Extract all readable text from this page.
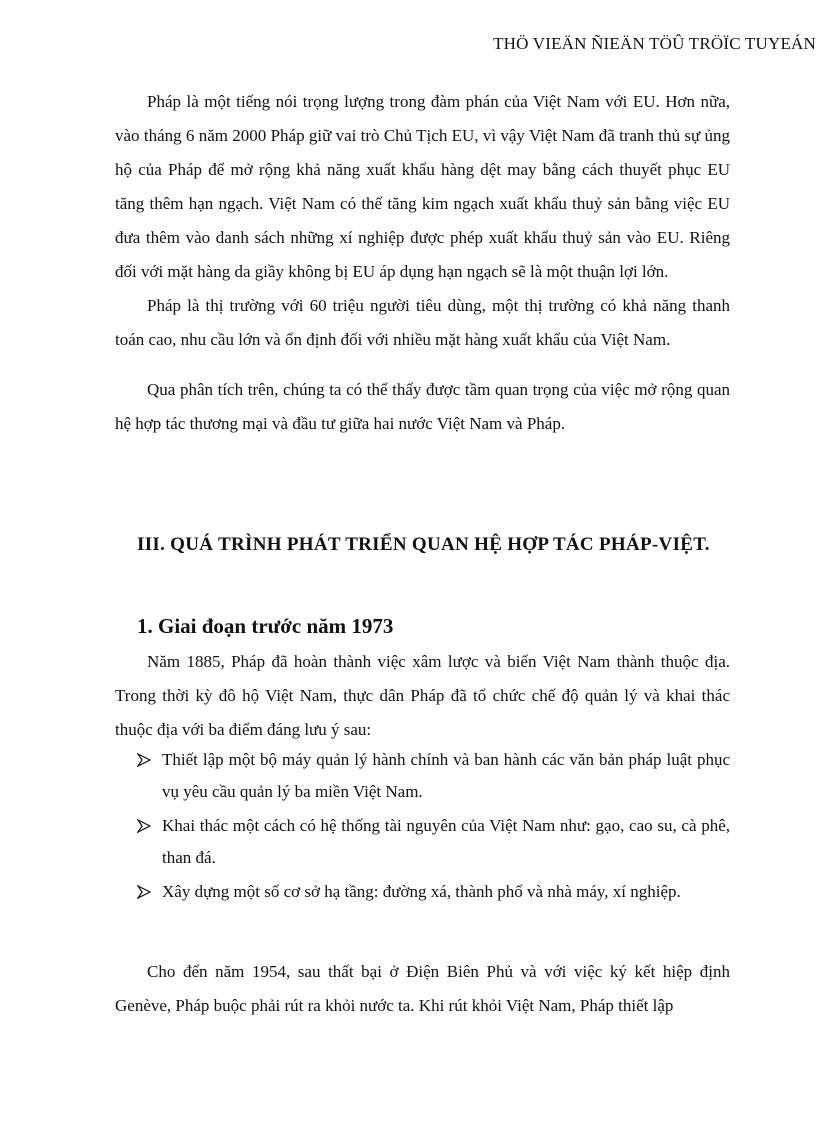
THÖ VIEÄN ÑIEÄN TÖÛ TRÖÏC TUYEÁN

Pháp là một tiếng nói trọng lượng trong đàm phán của Việt Nam với EU. Hơn nữa, vào tháng 6 năm 2000 Pháp giữ vai trò Chủ Tịch EU, vì vậy Việt Nam đã tranh thủ sự ủng hộ của Pháp để mở rộng khả năng xuất khẩu hàng dệt may bằng cách thuyết phục EU tăng thêm hạn ngạch. Việt Nam có thể tăng kim ngạch xuất khẩu thuỷ sản bằng việc EU đưa thêm vào danh sách những xí nghiệp được phép xuất khẩu thuỷ sản vào EU. Riêng đối với mặt hàng da giầy không bị EU áp dụng hạn ngạch sẽ là một thuận lợi lớn.

Pháp là thị trường với 60 triệu người tiêu dùng, một thị trường có khả năng thanh toán cao, nhu cầu lớn và ổn định đối với nhiều mặt hàng xuất khẩu của Việt Nam.

Qua phân tích trên, chúng ta có thể thấy được tầm quan trọng của việc mở rộng quan hệ hợp tác thương mại và đầu tư giữa hai nước Việt Nam và Pháp.

III. QUÁ TRÌNH PHÁT TRIỂN QUAN HỆ HỢP TÁC PHÁP-VIỆT.
1. Giai đoạn trước năm 1973

Năm 1885, Pháp đã hoàn thành việc xâm lược và biến Việt Nam thành thuộc địa. Trong thời kỳ đô hộ Việt Nam, thực dân Pháp đã tổ chức chế độ quản lý và khai thác thuộc địa với ba điểm đáng lưu ý sau:

Thiết lập một bộ máy quản lý hành chính và ban hành các văn bản pháp luật phục vụ yêu cầu quản lý ba miền Việt Nam.
Khai thác một cách có hệ thống tài nguyên của Việt Nam như: gạo, cao su, cà phê, than đá.
Xây dựng một số cơ sở hạ tầng: đường xá, thành phố và nhà máy, xí nghiệp.

Cho đến năm 1954, sau thất bại ở Điện Biên Phủ và với việc ký kết hiệp định Genève, Pháp buộc phải rút ra khỏi nước ta. Khi rút khỏi Việt Nam, Pháp thiết lập
